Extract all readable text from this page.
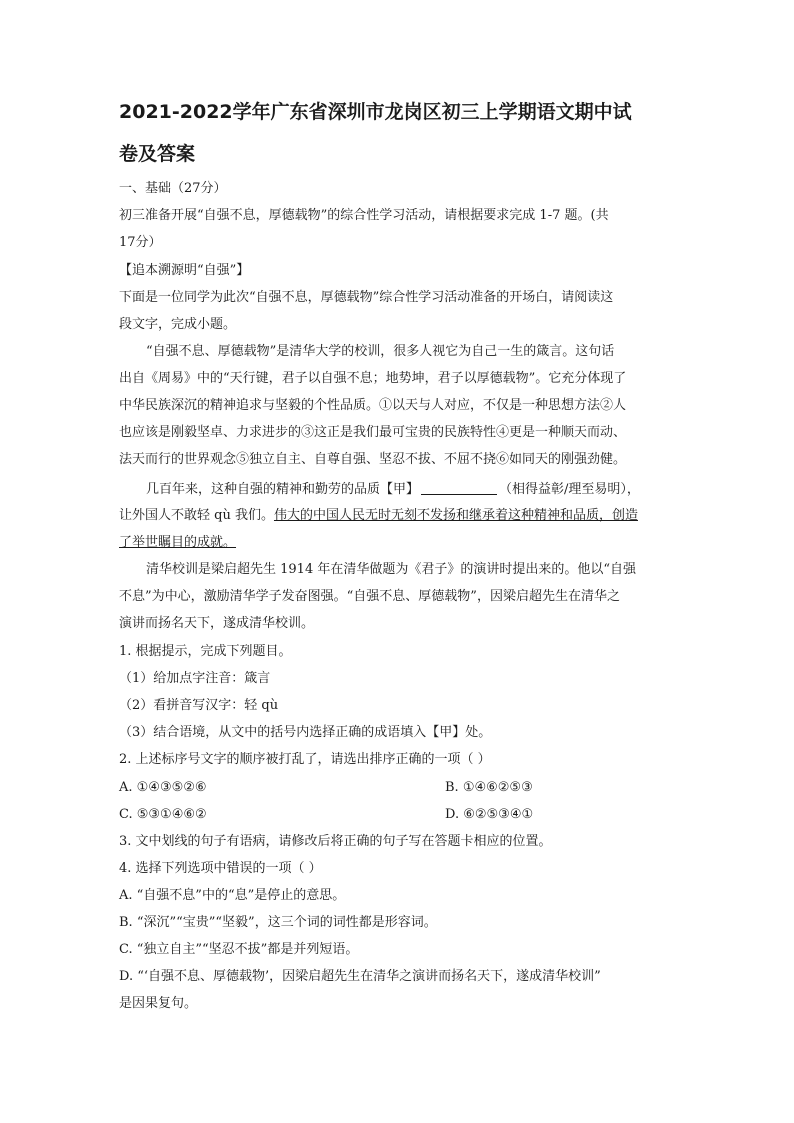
2021-2022学年广东省深圳市龙岗区初三上学期语文期中试
卷及答案
一、基础（27分）
初三准备开展“自强不息，厚德载物”的综合性学习活动，请根据要求完成 1-7 题。(共
17分）
【追本溯源明“自强”】
下面是一位同学为此次“自强不息，厚德载物”综合性学习活动准备的开场白，请阅读这
段文字，完成小题。
“自强不息、厚德载物”是清华大学的校训，很多人视它为自己一生的箴言。这句话
出自《周易》中的“天行键，君子以自强不息；地势坤，君子以厚德载物”。它充分体现了
中华民族深沉的精神追求与坚毅的个性品质。①以天与人对应，不仅是一种思想方法②人
也应该是刚毅坚卓、力求进步的③这正是我们最可宝贵的民族特性④更是一种顺天而动、
法天而行的世界观念⑤独立自主、自尊自强、坚忍不拔、不屈不挠⑥如同天的刚强劲健。
几百年来，这种自强的精神和勤劳的品质【甲】	（相得益彰/理至易明），
让外国人不敢轻 qù 我们。伟大的中国人民无时无刻不发扬和继承着这种精神和品质，创造
了举世瞩目的成就。
清华校训是梁启超先生 1914 年在清华做题为《君子》的演讲时提出来的。他以“自强
不息”为中心，激励清华学子发奋图强。“自强不息、厚德载物”，因梁启超先生在清华之
演讲而扬名天下，遂成清华校训。
1. 根据提示，完成下列题目。
（1）给加点字注音：箴言
（2）看拼音写汉字：轻 qù
（3）结合语境，从文中的括号内选择正确的成语填入【甲】处。
2. 上述标序号文字的顺序被打乱了，请选出排序正确的一项（ ）
A. ①④③⑤②⑥	B. ①④⑥②⑤③
C. ⑤③①④⑥②	D. ⑥②⑤③④①
3. 文中划线的句子有语病，请修改后将正确的句子写在答题卡相应的位置。
4. 选择下列选项中错误的一项（ ）
A. “自强不息”中的“息”是停止的意思。
B. “深沉”“宝贵”“坚毅”，这三个词的词性都是形容词。
C. “独立自主”“坚忍不拔”都是并列短语。
D. “‘自强不息、厚德载物’，因梁启超先生在清华之演讲而扬名天下，遂成清华校训”
是因果复句。
